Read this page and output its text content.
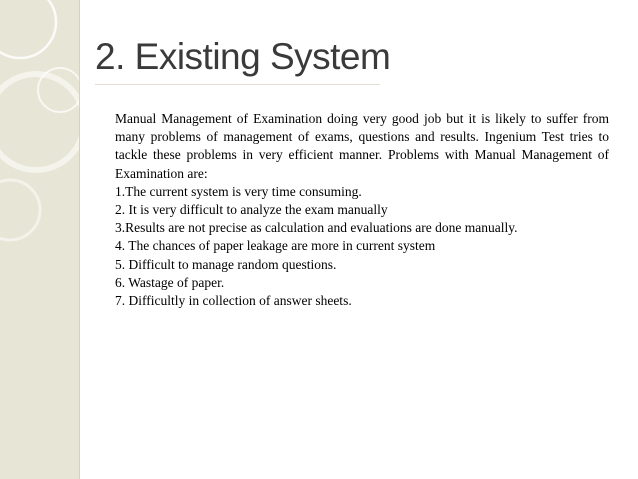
2. Existing System

Manual Management of Examination doing very good job but it is likely to suffer from many problems of management of exams, questions and results. Ingenium Test tries to tackle these problems in very efficient manner. Problems with Manual Management of Examination are:

1.The current system is very time consuming.
2. It is very difficult to analyze the exam manually
3.Results are not precise as calculation and evaluations are done manually.
4. The chances of paper leakage are more in current system
5. Difficult to manage random questions.
6. Wastage of paper.
7. Difficultly in collection of answer sheets.
